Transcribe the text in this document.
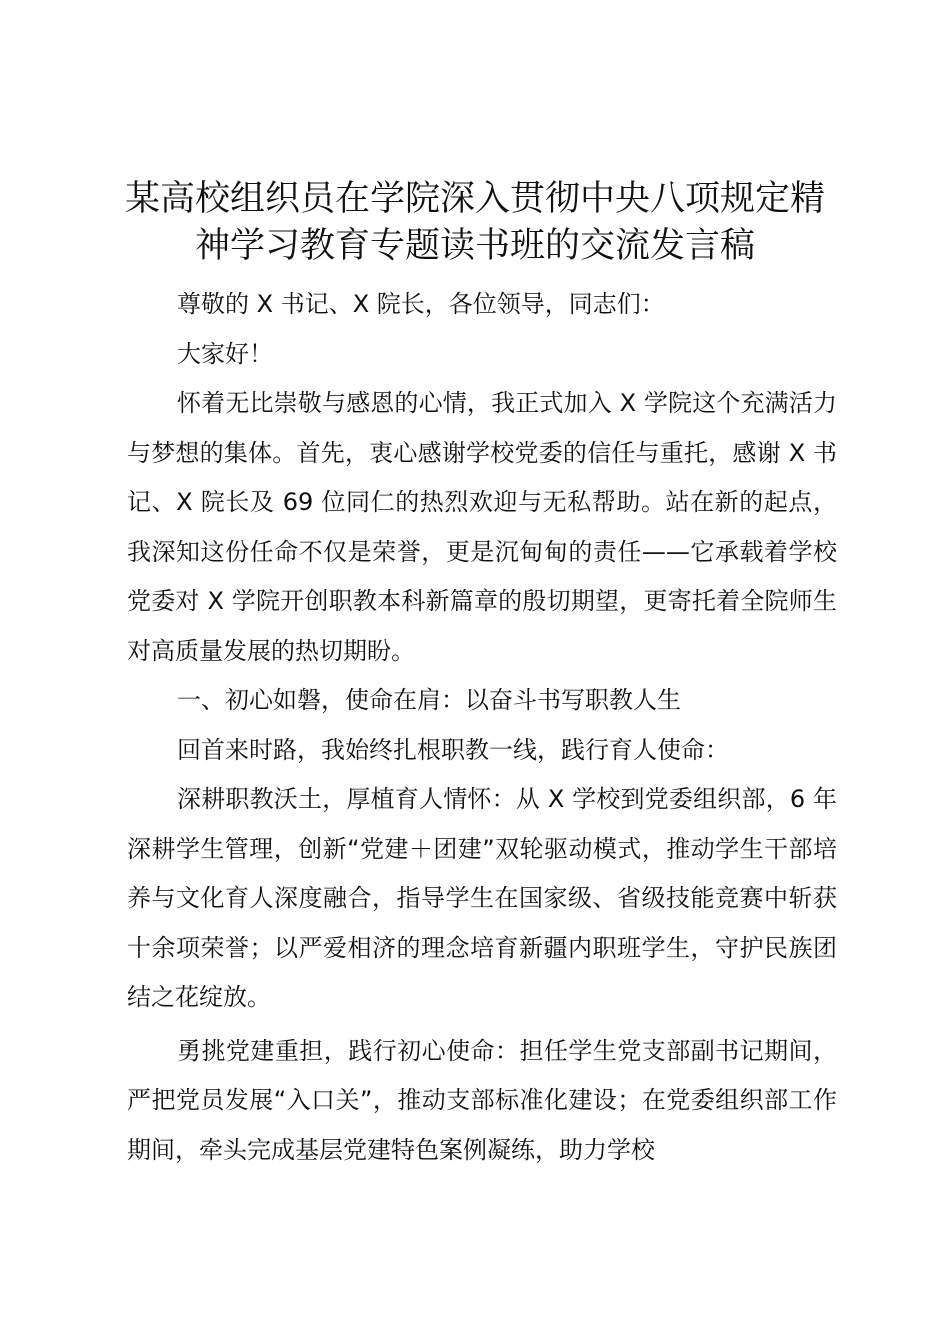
某高校组织员在学院深入贯彻中央八项规定精
神学习教育专题读书班的交流发言稿

尊敬的 X 书记、X 院长，各位领导，同志们：

大家好！

怀着无比崇敬与感恩的心情，我正式加入 X 学院这个充满活力与梦想的集体。首先，衷心感谢学校党委的信任与重托，感谢 X 书记、X 院长及 69 位同仁的热烈欢迎与无私帮助。站在新的起点，我深知这份任命不仅是荣誉，更是沉甸甸的责任——它承载着学校党委对 X 学院开创职教本科新篇章的殷切期望，更寄托着全院师生对高质量发展的热切期盼。

一、初心如磐，使命在肩：以奋斗书写职教人生

回首来时路，我始终扎根职教一线，践行育人使命：

深耕职教沃土，厚植育人情怀：从 X 学校到党委组织部，6 年深耕学生管理，创新“党建＋团建”双轮驱动模式，推动学生干部培养与文化育人深度融合，指导学生在国家级、省级技能竞赛中斩获十余项荣誉；以严爱相济的理念培育新疆内职班学生，守护民族团结之花绽放。

勇挑党建重担，践行初心使命：担任学生党支部副书记期间，严把党员发展“入口关”，推动支部标准化建设；在党委组织部工作期间，牵头完成基层党建特色案例凝练，助力学校
